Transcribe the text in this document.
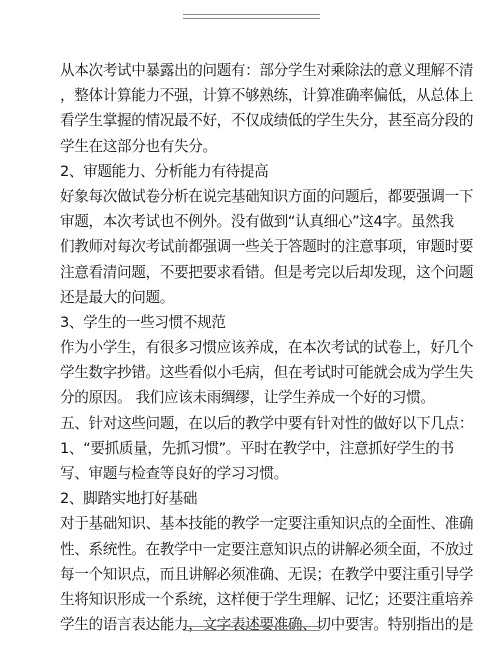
从本次考试中暴露出的问题有：部分学生对乘除法的意义理解不清
，整体计算能力不强，计算不够熟练，计算准确率偏低，从总体上
看学生掌握的情况最不好，不仅成绩低的学生失分，甚至高分段的
学生在这部分也有失分。
2、审题能力、分析能力有待提高
好象每次做试卷分析在说完基础知识方面的问题后，都要强调一下
审题，本次考试也不例外。没有做到“认真细心”这4字。虽然我
们教师对每次考试前都强调一些关于答题时的注意事项，审题时要
注意看清问题，不要把要求看错。但是考完以后却发现，这个问题
还是最大的问题。
3、学生的一些习惯不规范
作为小学生，有很多习惯应该养成，在本次考试的试卷上，好几个
学生数字抄错。这些看似小毛病，但在考试时可能就会成为学生失
分的原因。 我们应该未雨绸缪，让学生养成一个好的习惯。
五、针对这些问题，在以后的教学中要有针对性的做好以下几点：
1、“要抓质量，先抓习惯”。平时在教学中，注意抓好学生的书
写、审题与检查等良好的学习习惯。
2、脚踏实地打好基础
对于基础知识、基本技能的教学一定要注重知识点的全面性、准确
性、系统性。在教学中一定要注意知识点的讲解必须全面，不放过
每一个知识点，而且讲解必须准确、无误；在教学中要注重引导学
生将知识形成一个系统，这样便于学生理解、记忆；还要注重培养
学生的语言表达能力，文字表述要准确、切中要害。特别指出的是
